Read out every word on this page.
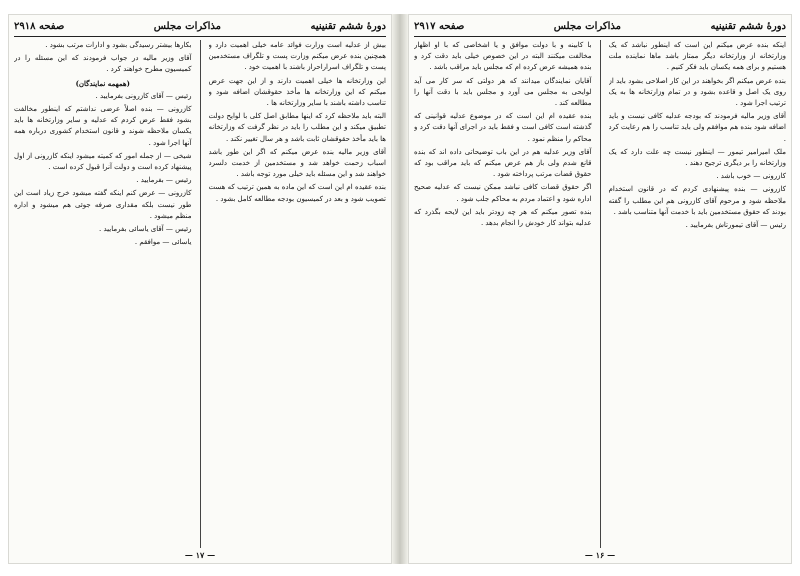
دورهٔ ششم تقنینیه
مذاکرات مجلس
صفحه ۲۹۱۸

بیش از عدلیه است وزارت فوائد عامه خیلی اهمیت دارد و همچنین بنده عرض میکنم وزارت پست و تلگراف مستخدمین پست و تلگراف اسراراحراز باشند با اهمیت خود .

این وزارتخانه ها خیلی اهمیت دارند و از این جهت عرض میکنم که این وزارتخانه ها مأخذ حقوقشان اضافه شود و تناسب داشته باشند با سایر وزارتخانه ها .

البته باید ملاحظه کرد که اینها مطابق اصل کلی با لوایح دولت تطبیق میکند و این مطلب را باید در نظر گرفت که وزارتخانه ها باید مأخذ حقوقشان ثابت باشد و هر سال تغییر نکند .

آقای وزیر مالیه بنده عرض میکنم که اگر این طور باشد اسباب زحمت خواهد شد و مستخدمین از خدمت دلسرد خواهند شد و این مسئله باید خیلی مورد توجه باشد .

بنده عقیده ام این است که این ماده به همین ترتیب که هست تصویب شود و بعد در کمیسیون بودجه مطالعه کامل بشود .

بکارها بیشتر رسیدگی بشود و ادارات مرتب بشود .

آقای وزیر مالیه در جواب فرمودند که این مسئله را در کمیسیون مطرح خواهند کرد .

(همهمه نمایندگان)

رئیس — آقای کازرونی بفرمایید .

کازرونی — بنده اصلاً عرضی نداشتم که اینطور مخالفت بشود فقط عرض کردم که عدلیه و سایر وزارتخانه ها باید یکسان ملاحظه شوند و قانون استخدام کشوری درباره همه آنها اجرا شود .

شیخی — از جمله امور که کمیته میشود اینکه کازرونی از اول پیشنهاد کرده است و دولت آنرا قبول کرده است .

رئیس — بفرمایید .

کازرونی — عرض کنم اینکه گفته میشود خرج زیاد است این طور نیست بلکه مقداری صرفه جوئی هم میشود و اداره منظم میشود .

رئیس — آقای یاسائی بفرمایید .

یاسائی — موافقم .

— ۱۷ —
دورهٔ ششم تقنینیه
مذاکرات مجلس
صفحه ۲۹۱۷

اینکه بنده عرض میکنم این است که اینطور نباشد که یک وزارتخانه از وزارتخانه دیگر ممتاز باشد ماها نماینده ملت هستیم و برای همه یکسان باید فکر کنیم .

بنده عرض میکنم اگر بخواهند در این کار اصلاحی بشود باید از روی یک اصل و قاعده بشود و در تمام وزارتخانه ها به یک ترتیب اجرا شود .

آقای وزیر مالیه فرمودند که بودجه عدلیه کافی نیست و باید اضافه شود بنده هم موافقم ولی باید تناسب را هم رعایت کرد .

ملک امیرامیر تیمور — اینطور نیست چه علت دارد که یک وزارتخانه را بر دیگری ترجیح دهند .

کازرونی — خوب باشد .

کازرونی — بنده پیشنهادی کردم که در قانون استخدام ملاحظه شود و مرحوم آقای کازرونی هم این مطلب را گفته بودند که حقوق مستخدمین باید با خدمت آنها متناسب باشد .

رئیس — آقای تیمورتاش بفرمایید .

با کابینه و با دولت موافق و یا اشخاصی که با او اظهار مخالفت میکنند البته در این خصوص خیلی باید دقت کرد و بنده همیشه عرض کرده ام که مجلس باید مراقب باشد .

آقایان نمایندگان میدانند که هر دولتی که سر کار می آید لوایحی به مجلس می آورد و مجلس باید با دقت آنها را مطالعه کند .

بنده عقیده ام این است که در موضوع عدلیه قوانینی که گذشته است کافی است و فقط باید در اجرای آنها دقت کرد و محاکم را منظم نمود .

آقای وزیر عدلیه هم در این باب توضیحاتی داده اند که بنده قانع شدم ولی باز هم عرض میکنم که باید مراقب بود که حقوق قضات مرتب پرداخته شود .

اگر حقوق قضات کافی نباشد ممکن نیست که عدلیه صحیح اداره شود و اعتماد مردم به محاکم جلب شود .

بنده تصور میکنم که هر چه زودتر باید این لایحه بگذرد که عدلیه بتواند کار خودش را انجام بدهد .

— ۱۶ —
